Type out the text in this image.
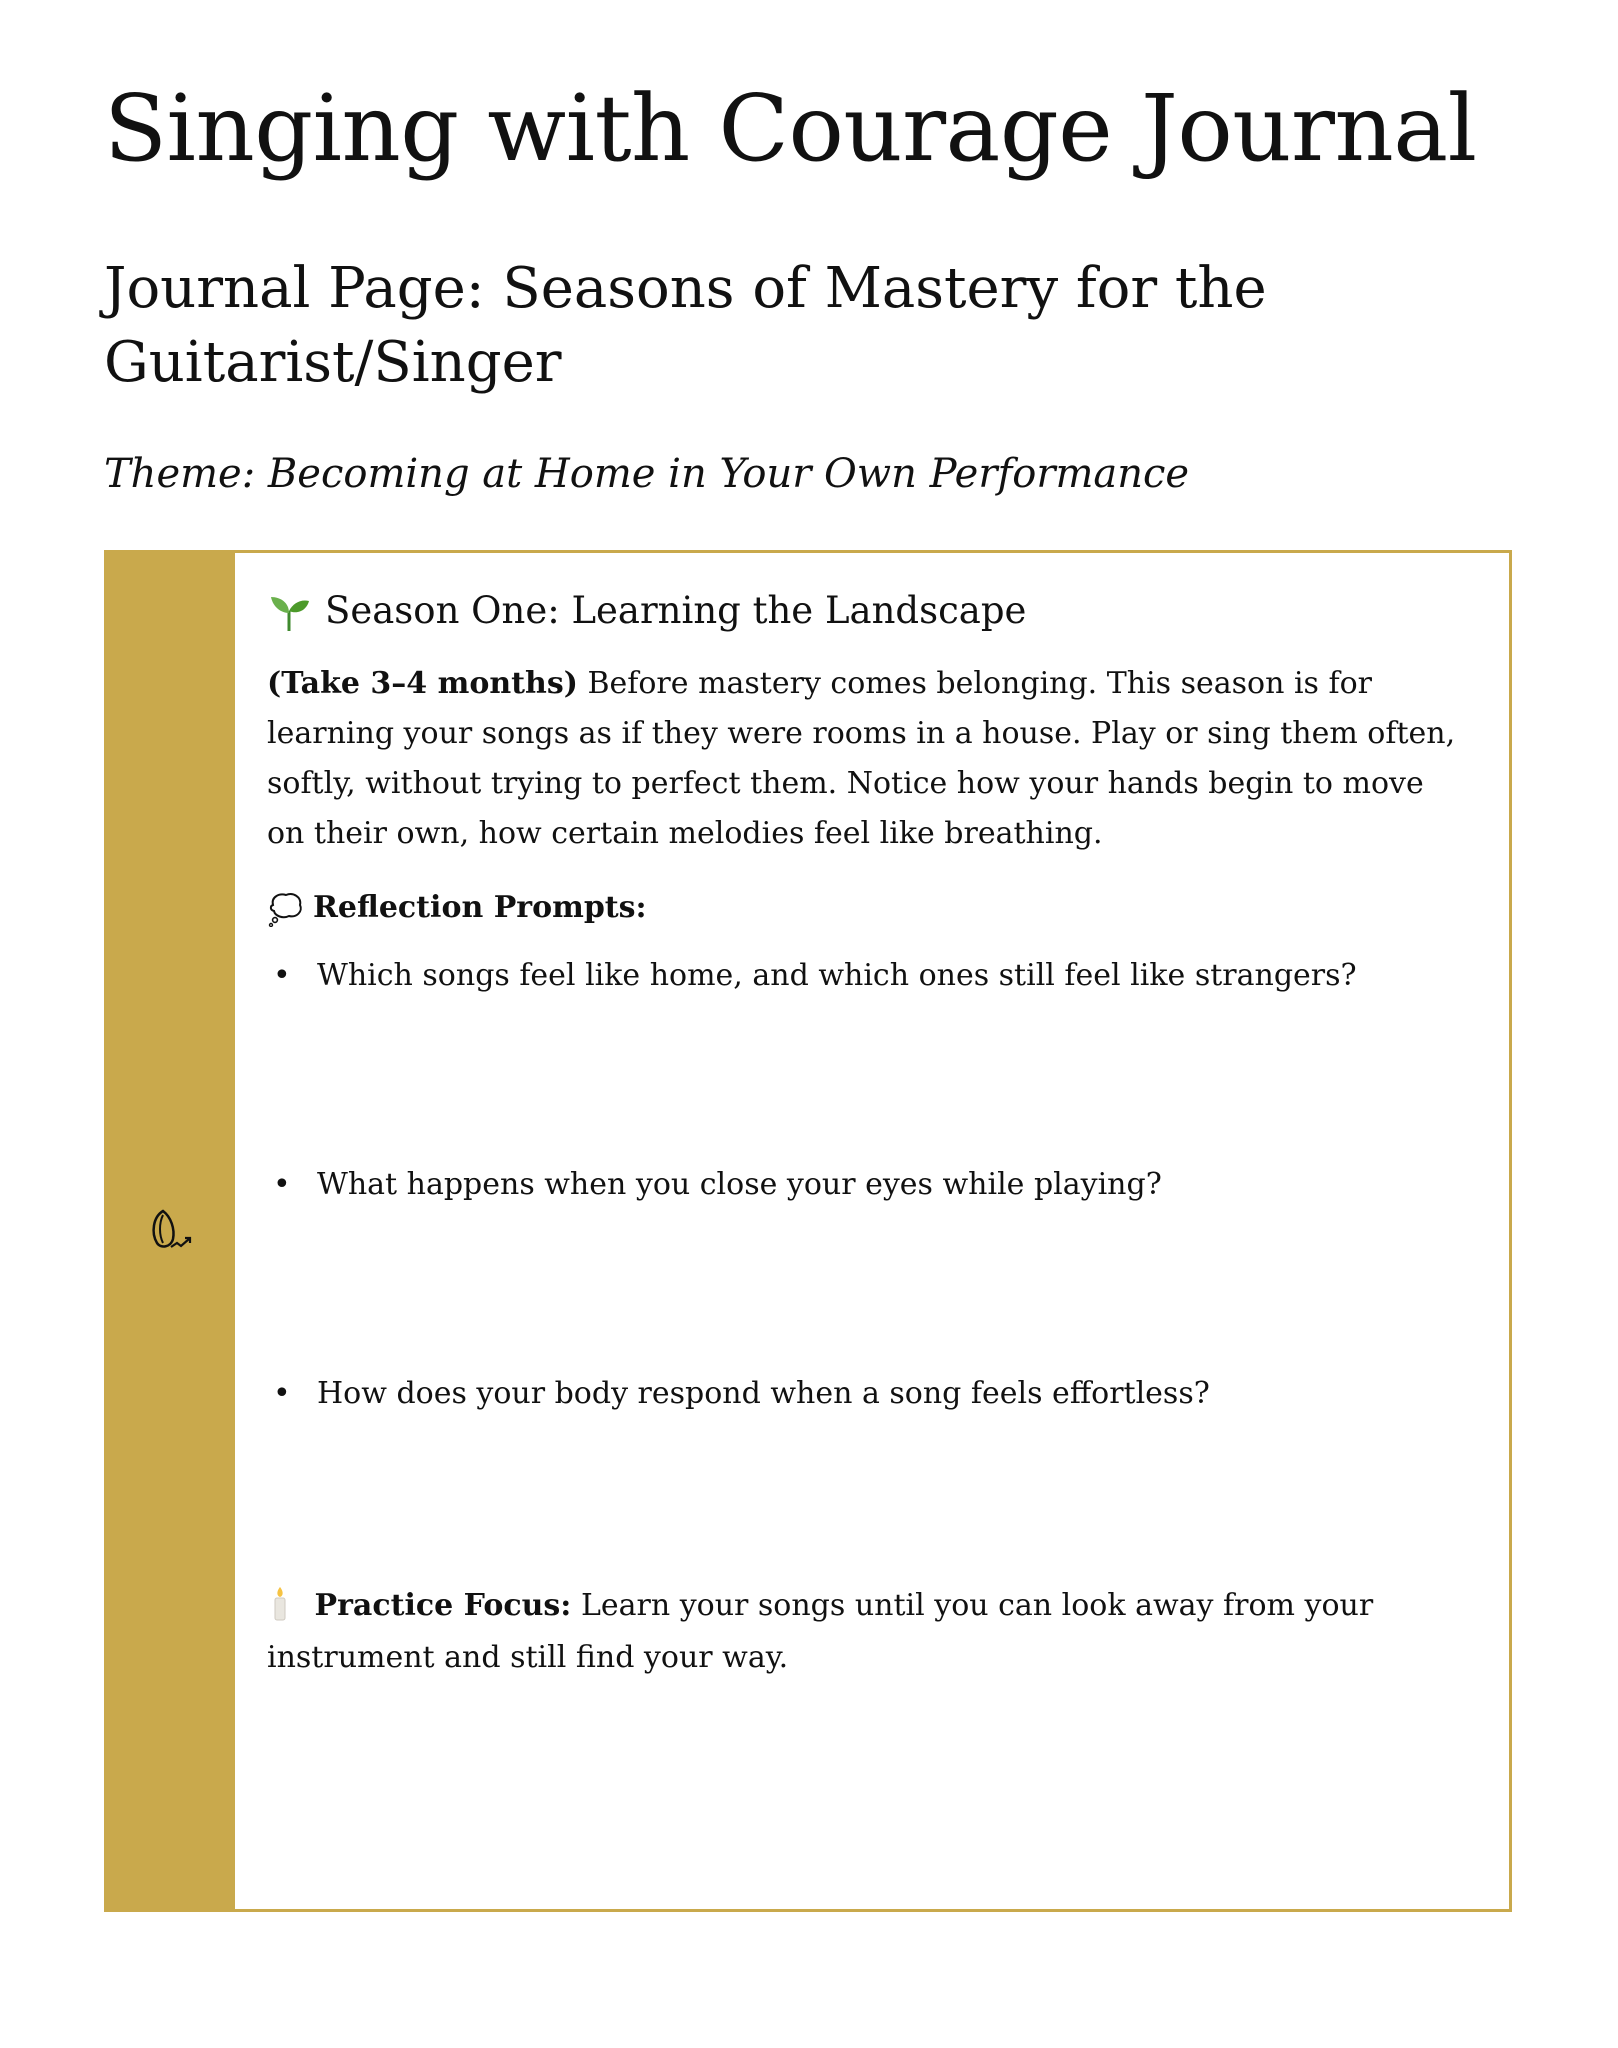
Singing with Courage Journal
Journal Page: Seasons of Mastery for the Guitarist/Singer

Theme: Becoming at Home in Your Own Performance

Season One: Learning the Landscape

(Take 3–4 months) Before mastery comes belonging. This season is for learning your songs as if they were rooms in a house. Play or sing them often, softly, without trying to perfect them. Notice how your hands begin to move on their own, how certain melodies feel like breathing.

Reflection Prompts:
• Which songs feel like home, and which ones still feel like strangers?
• What happens when you close your eyes while playing?
• How does your body respond when a song feels effortless?

Practice Focus: Learn your songs until you can look away from your instrument and still find your way.
